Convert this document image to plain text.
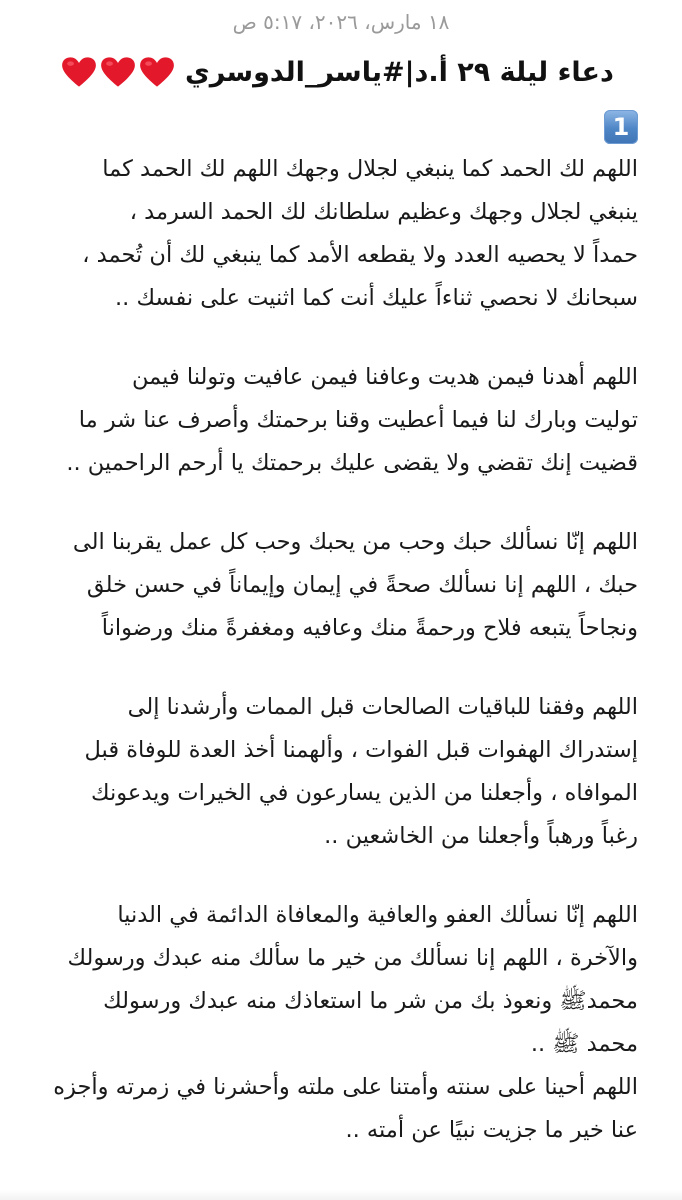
١٨ مارس، ٢٠٢٦، ٥:١٧ ص
دعاء ليلة ٢٩ أ.د|#ياسر_الدوسري
1
اللهم لك الحمد كما ينبغي لجلال وجهك اللهم لك الحمد كما
ينبغي لجلال وجهك وعظيم سلطانك لك الحمد السرمد ،
حمداً لا يحصيه العدد ولا يقطعه الأمد كما ينبغي لك أن تُحمد ،
سبحانك لا نحصي ثناءاً عليك أنت كما اثنيت على نفسك ..
اللهم أهدنا فيمن هديت وعافنا فيمن عافيت وتولنا فيمن
توليت وبارك لنا فيما أعطيت وقنا برحمتك وأصرف عنا شر ما
قضيت إنك تقضي ولا يقضى عليك برحمتك يا أرحم الراحمين ..
اللهم إنّا نسألك حبك وحب من يحبك وحب كل عمل يقربنا الى
حبك ، اللهم إنا نسألك صحةً في إيمان وإيماناً في حسن خلق
ونجاحاً يتبعه فلاح ورحمةً منك وعافيه ومغفرةً منك ورضواناً
اللهم وفقنا للباقيات الصالحات قبل الممات وأرشدنا إلى
إستدراك الهفوات قبل الفوات ، وألهمنا أخذ العدة للوفاة قبل
الموافاه ، وأجعلنا من الذين يسارعون في الخيرات ويدعونك
رغباً ورهباً وأجعلنا من الخاشعين ..
اللهم إنّا نسألك العفو والعافية والمعافاة الدائمة في الدنيا
والآخرة ، اللهم إنا نسألك من خير ما سألك منه عبدك ورسولك
محمدﷺ ونعوذ بك من شر ما استعاذك منه عبدك ورسولك
محمد ﷺ ..
اللهم أحينا على سنته وأمتنا على ملته وأحشرنا في زمرته وأجزه
عنا خير ما جزيت نبيًا عن أمته ..
